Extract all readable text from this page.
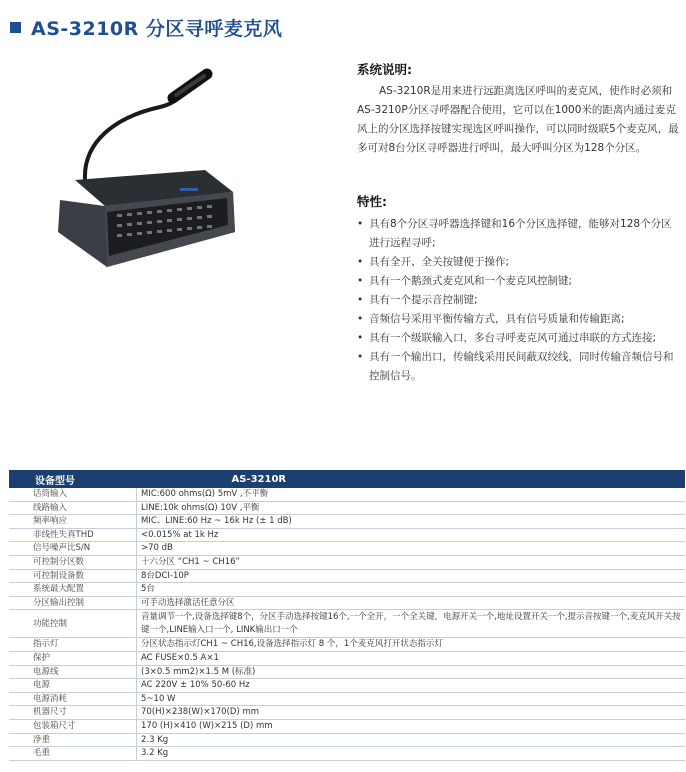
AS-3210R 分区寻呼麦克风
系统说明:
AS-3210R是用来进行远距离选区呼叫的麦克风，使作时必须和AS-3210P分区寻呼器配合使用，它可以在1000米的距离内通过麦克风上的分区选择按键实现选区呼叫操作，可以同时级联5个麦克风，最多可对8台分区寻呼器进行呼叫，最大呼叫分区为128个分区。
特性:
• 具有8个分区寻呼器选择键和16个分区选择键，能够对128个分区进行远程寻呼;
• 具有全开、全关按键便于操作;
• 具有一个鹅颈式麦克风和一个麦克风控制键;
• 具有一个提示音控制键;
• 音频信号采用平衡传输方式，具有信号质量和传输距离;
• 具有一个级联输入口，多台寻呼麦克风可通过串联的方式连接;
• 具有一个输出口，传输线采用民间蔽双绞线，同时传输音频信号和控制信号。
设备型号	AS-3210R
话筒输入	MIC:600 ohms(Ω) 5mV ,不平衡
线路输入	LINE:10k ohms(Ω) 10V ,平衡
频率响应	MIC、LINE:60 Hz ~ 16k Hz (± 1 dB)
非线性失真THD	<0.015% at 1k Hz
信号噪声比S/N	>70 dB
可控制分区数	十六分区 “CH1 ~ CH16”
可控制设备数	8台DCI-10P
系统最大配置	5台
分区输出控制	可手动选择激活任意分区
功能控制	音量调节一个,设备选择键8个，分区手动选择按键16个,一个全开，一个全关键，电源开关一个,地址设置开关一个,提示音按键一个,麦克风开关按键一个,LINE输入口一个, LINK输出口一个
指示灯	分区状态指示灯CH1 ~ CH16,设备选择指示灯 8 个，1个麦克风打开状态指示灯
保护	AC FUSE×0.5 A×1
电源线	(3×0.5 mm2)×1.5 M (标准)
电源	AC 220V ± 10% 50-60 Hz
电源消耗	5~10 W
机器尺寸	70(H)×238(W)×170(D) mm
包装箱尺寸	170 (H)×410 (W)×215 (D) mm
净重	2.3 Kg
毛重	3.2 Kg
